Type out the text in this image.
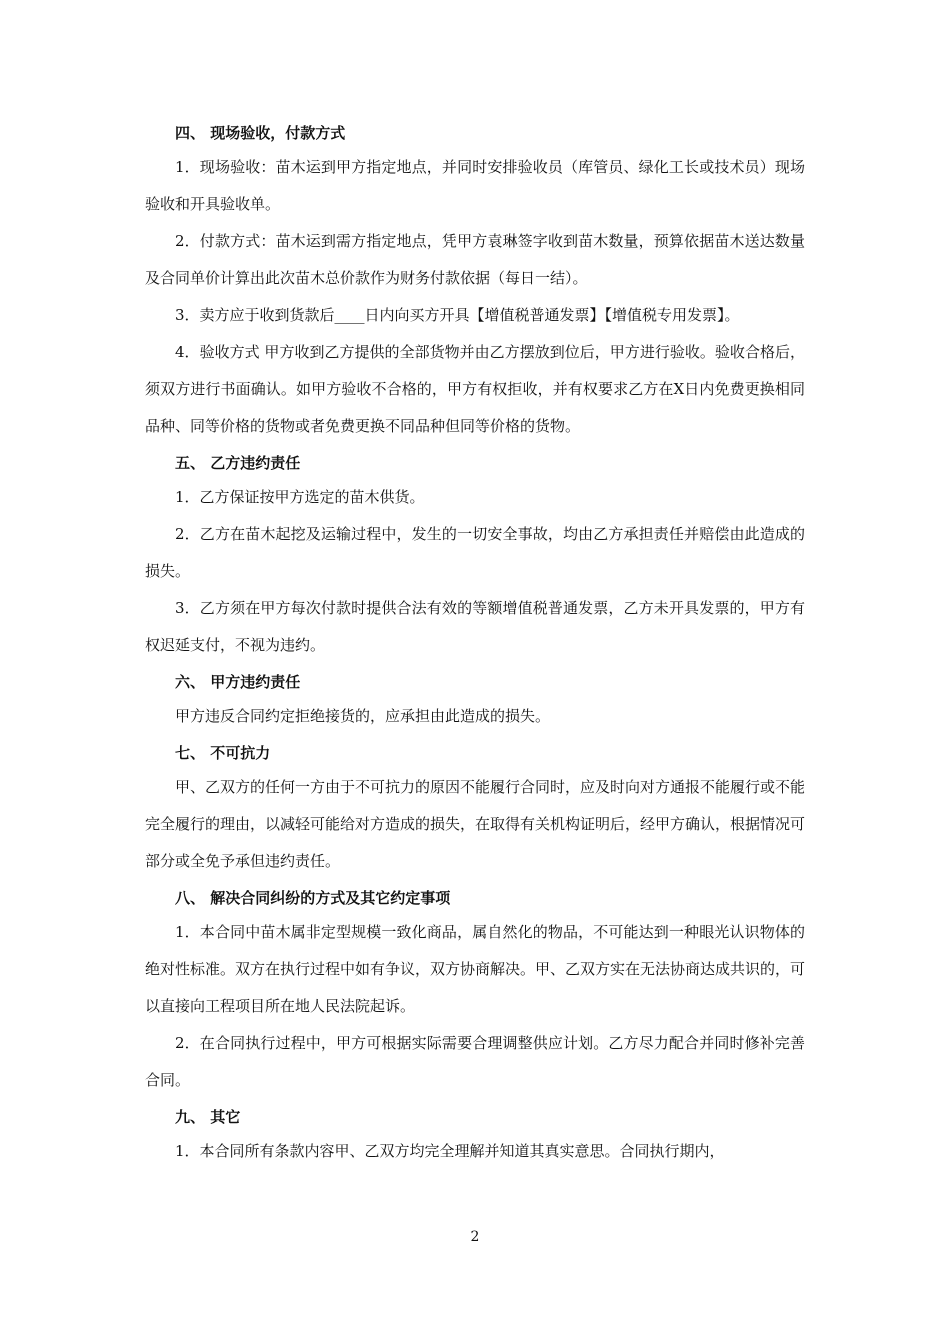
四、 现场验收，付款方式

1．现场验收：苗木运到甲方指定地点，并同时安排验收员（库管员、绿化工长或技术员）现场验收和开具验收单。

2．付款方式：苗木运到需方指定地点，凭甲方袁琳签字收到苗木数量，预算依据苗木送达数量及合同单价计算出此次苗木总价款作为财务付款依据（每日一结）。

3．卖方应于收到货款后____日内向买方开具【增值税普通发票】【增值税专用发票】。

4．验收方式 甲方收到乙方提供的全部货物并由乙方摆放到位后，甲方进行验收。验收合格后，须双方进行书面确认。如甲方验收不合格的，甲方有权拒收，并有权要求乙方在X日内免费更换相同品种、同等价格的货物或者免费更换不同品种但同等价格的货物。

五、 乙方违约责任

1．乙方保证按甲方选定的苗木供货。

2．乙方在苗木起挖及运输过程中，发生的一切安全事故，均由乙方承担责任并赔偿由此造成的损失。

3．乙方须在甲方每次付款时提供合法有效的等额增值税普通发票，乙方未开具发票的，甲方有权迟延支付，不视为违约。

六、 甲方违约责任

甲方违反合同约定拒绝接货的，应承担由此造成的损失。

七、 不可抗力

甲、乙双方的任何一方由于不可抗力的原因不能履行合同时，应及时向对方通报不能履行或不能完全履行的理由，以减轻可能给对方造成的损失，在取得有关机构证明后，经甲方确认，根据情况可部分或全免予承但违约责任。

八、 解决合同纠纷的方式及其它约定事项

1．本合同中苗木属非定型规模一致化商品，属自然化的物品，不可能达到一种眼光认识物体的绝对性标准。双方在执行过程中如有争议，双方协商解决。甲、乙双方实在无法协商达成共识的，可以直接向工程项目所在地人民法院起诉。

2．在合同执行过程中，甲方可根据实际需要合理调整供应计划。乙方尽力配合并同时修补完善合同。

九、 其它

1．本合同所有条款内容甲、乙双方均完全理解并知道其真实意思。合同执行期内，

2
